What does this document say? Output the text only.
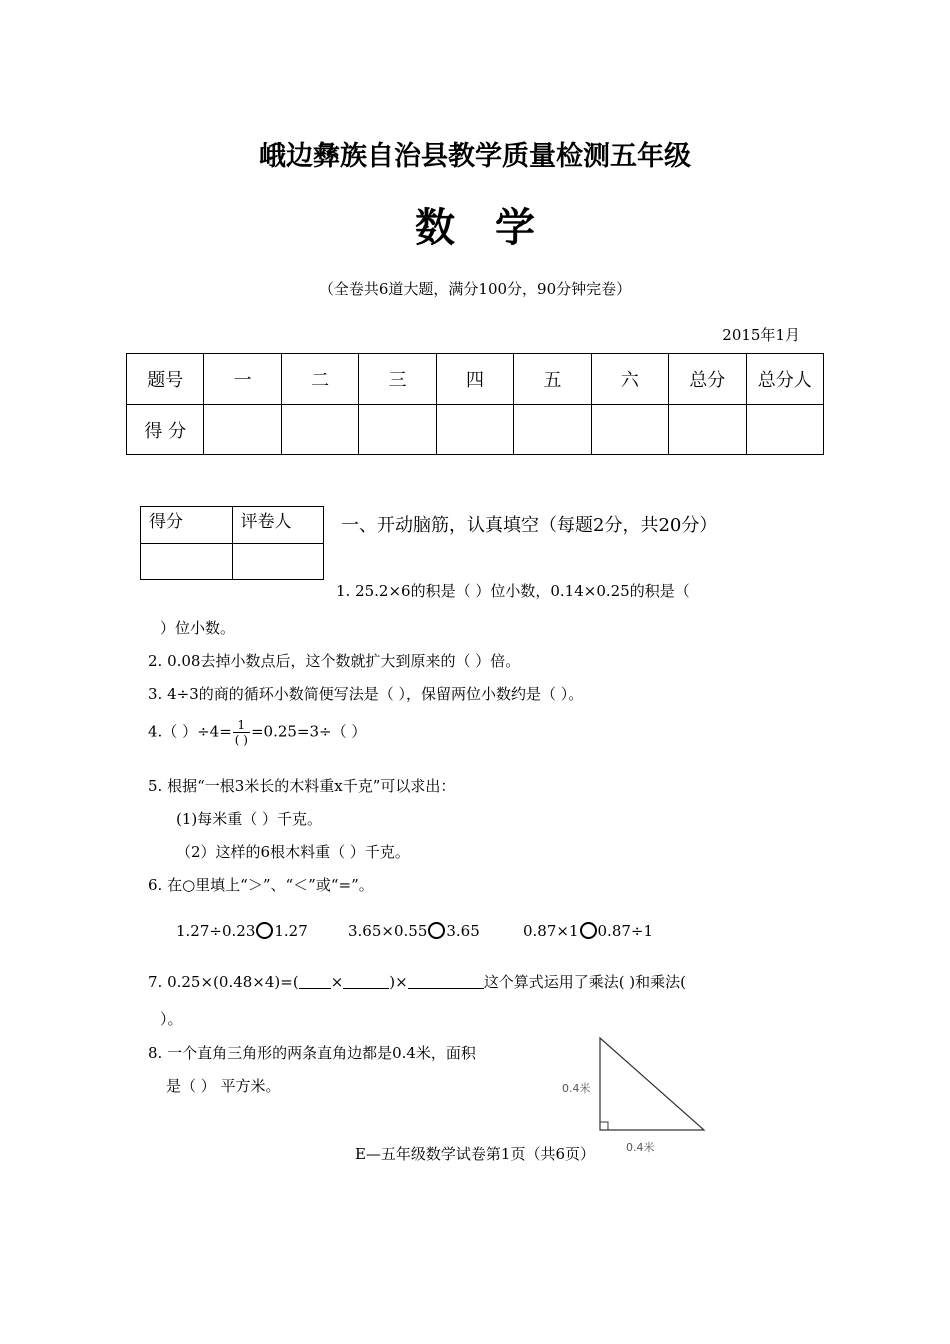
峨边彝族自治县教学质量检测五年级
数学
（全卷共6道大题，满分100分，90分钟完卷）
2015年1月
题号	一	二	三	四	五	六	总分	总分人
得 分								
得分	评卷人
		一、开动脑筋，认真填空（每题2分，共20分）
1. 25.2×6的积是（ ）位小数，0.14×0.25的积是（
）位小数。
2. 0.08去掉小数点后，这个数就扩大到原来的（ ）倍。
3. 4÷3的商的循环小数简便写法是（ ），保留两位小数约是（ ）。
4.（ ）$\div 4= \frac{1}{( )} =0.25=3\div$（ ）
5. 根据“一根3米长的木料重x千克”可以求出：
(1)每米重（ ）千克。
（2）这样的6根木料重（ ）千克。
6. 在○里填上“＞”、“＜”或“=”。
1.27÷0.23 1.27	3.65×0.55 3.65	0.87×1 0.87÷1
7. 0.25×(0.48×4)=( ×	)×	这个算式运用了乘法( )和乘法(
）。
8. 一个直角三角形的两条直角边都是0.4米，面积
是（ ） 平方米。	0.4米
0.4米
E—五年级数学试卷第1页（共6页）
